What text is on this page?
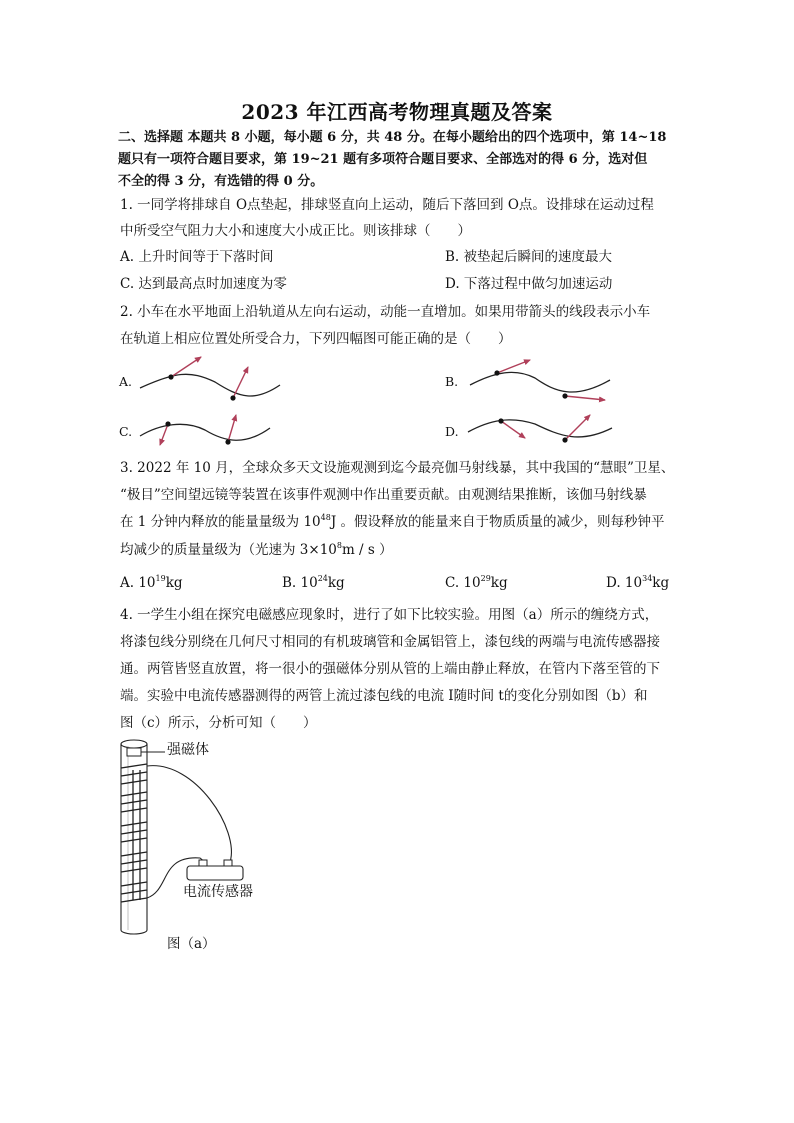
2023 年江西高考物理真题及答案
二、选择题 本题共 8 小题，每小题 6 分，共 48 分。在每小题给出的四个选项中，第 14~18
题只有一项符合题目要求，第 19~21 题有多项符合题目要求、全部选对的得 6 分，选对但
不全的得 3 分，有选错的得 0 分。
1. 一同学将排球自 O点垫起，排球竖直向上运动，随后下落回到 O点。设排球在运动过程
中所受空气阻力大小和速度大小成正比。则该排球（　　）
A. 上升时间等于下落时间	B. 被垫起后瞬间的速度最大
C. 达到最高点时加速度为零	D. 下落过程中做匀加速运动
2. 小车在水平地面上沿轨道从左向右运动，动能一直增加。如果用带箭头的线段表示小车
在轨道上相应位置处所受合力，下列四幅图可能正确的是（　　）
A.	B.
C.	D.
3. 2022 年 10 月，全球众多天文设施观测到迄今最亮伽马射线暴，其中我国的“慧眼”卫星、
“极目”空间望远镜等装置在该事件观测中作出重要贡献。由观测结果推断，该伽马射线暴
在 1 分钟内释放的能量量级为 $10^{48}J$ 。假设释放的能量来自于物质质量的减少，则每秒钟平
均减少的质量量级为（光速为 $3\times 10^8m / s$ ）
A. $10^{19}kg$	B. $10^{24}kg$	C. $10^{29}kg$	D. $10^{34}kg$
4. 一学生小组在探究电磁感应现象时，进行了如下比较实验。用图（a）所示的缠绕方式，
将漆包线分别绕在几何尺寸相同的有机玻璃管和金属铝管上，漆包线的两端与电流传感器接
通。两管皆竖直放置，将一很小的强磁体分别从管的上端由静止释放，在管内下落至管的下
端。实验中电流传感器测得的两管上流过漆包线的电流 I随时间 t的变化分别如图（b）和
图（c）所示，分析可知（　　）
强磁体
电流传感器
图（a）
